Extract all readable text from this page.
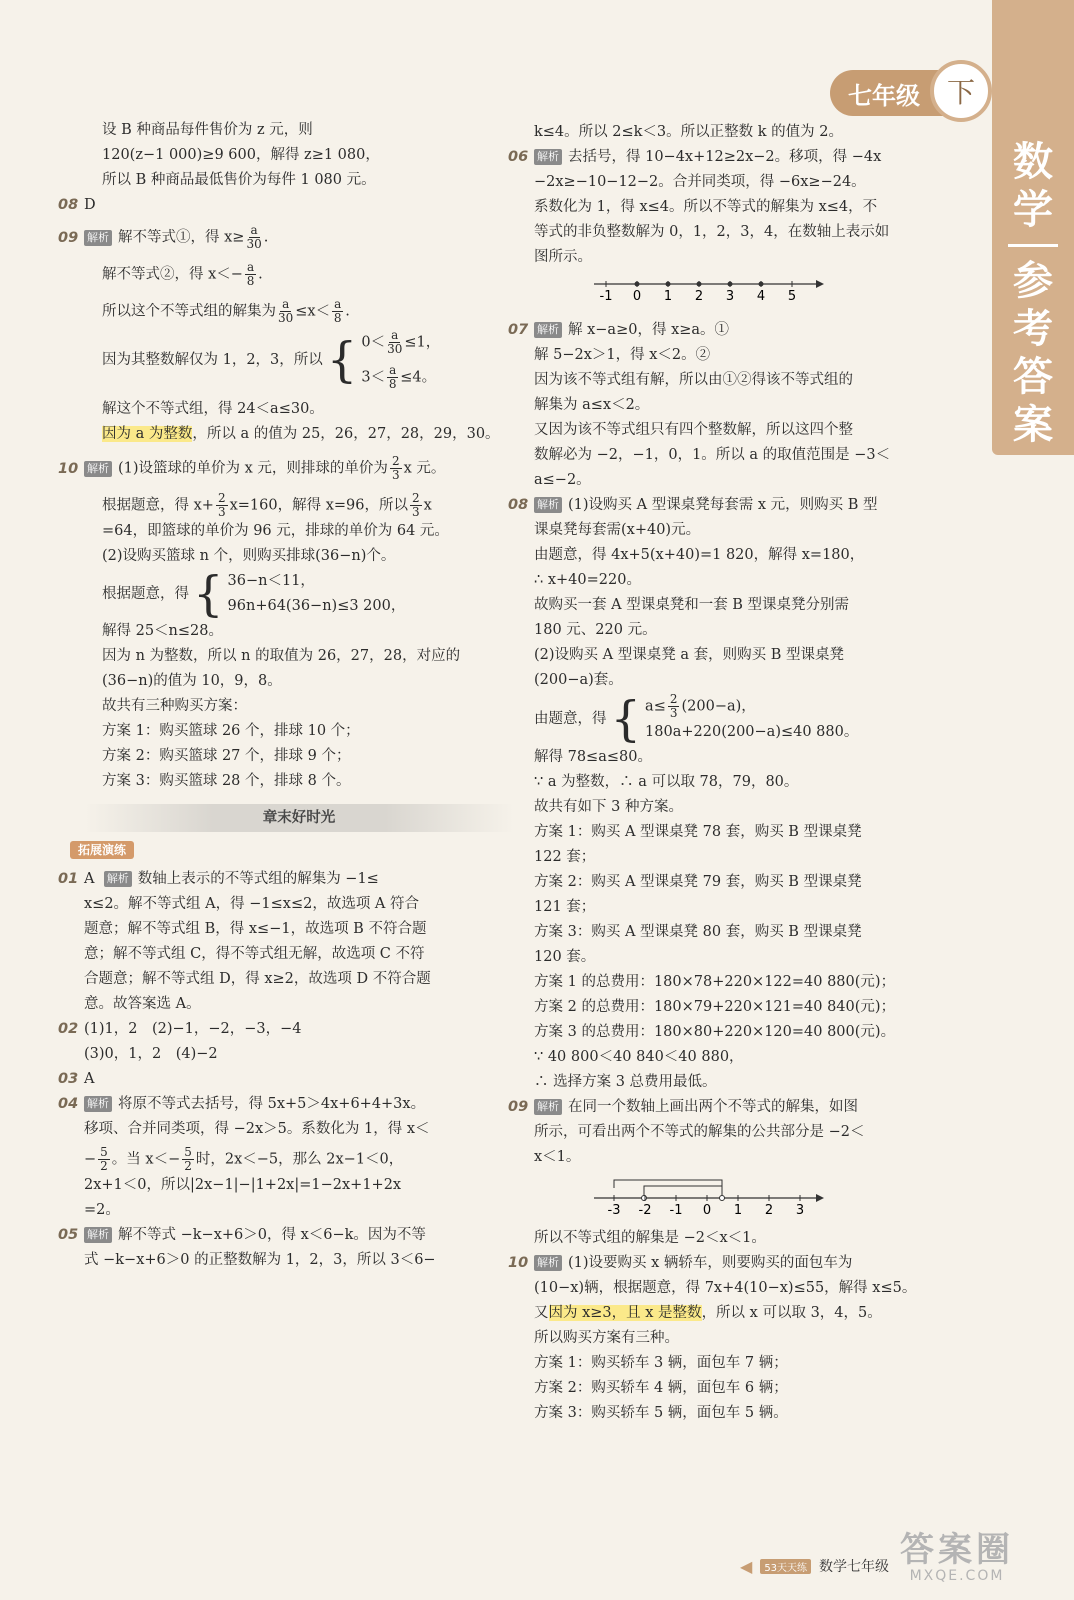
数
学
参
考
答
案
七年级 下
设 B 种商品每件售价为 z 元，则
120(z−1 000)≥9 600，解得 z≥1 080，
所以 B 种商品最低售价为每件 1 080 元。
08 D
09 解析 解不等式①，得 $x\ge \frac{a}{30}$ .
解不等式②，得 $x<- \frac{a}{8}$ .
所以这个不等式组的解集为 $\frac{a}{30} \le x< \frac{a}{8}$ .
因为其整数解仅为 1，2，3，所以 { $0< \frac{a}{30} \le 1$，
$3< \frac{a}{8} \le 4$。
解这个不等式组，得 24＜a≤30。
因为 a 为整数，所以 a 的值为 25，26，27，28，29，30。
10 解析 (1)设篮球的单价为 x 元，则排球的单价为 $\frac{2}{3}$ x 元。
根据题意，得 $x+ \frac{2}{3} x=160$，解得 x=96，所以 $\frac{2}{3}$ x
=64，即篮球的单价为 96 元，排球的单价为 64 元。
(2)设购买篮球 n 个，则购买排球(36−n)个。
根据题意，得 { 36−n＜11，
96n+64(36−n)≤3 200，
解得 25＜n≤28。
因为 n 为整数，所以 n 的取值为 26，27，28，对应的
(36−n)的值为 10，9，8。
故共有三种购买方案：
方案 1：购买篮球 26 个，排球 10 个；
方案 2：购买篮球 27 个，排球 9 个；
方案 3：购买篮球 28 个，排球 8 个。
章末好时光
拓展演练
01 A 解析 数轴上表示的不等式组的解集为 −1≤
x≤2。解不等式组 A，得 −1≤x≤2，故选项 A 符合
题意；解不等式组 B，得 x≤−1，故选项 B 不符合题
意；解不等式组 C，得不等式组无解，故选项 C 不符
合题意；解不等式组 D，得 x≥2，故选项 D 不符合题
意。故答案选 A。
02 (1)1，2　(2)−1，−2，−3，−4
(3)0，1，2　(4)−2
03 A
04 解析 将原不等式去括号，得 5x+5＞4x+6+4+3x。
移项、合并同类项，得 −2x＞5。系数化为 1，得 x＜
− $\frac{5}{2}$ 。当 $x<- \frac{5}{2}$ 时，2x＜−5，那么 2x−1＜0，
2x+1＜0，所以|2x−1|−|1+2x|=1−2x+1+2x
=2。
05 解析 解不等式 −k−x+6＞0，得 x＜6−k。因为不等
式 −k−x+6＞0 的正整数解为 1，2，3，所以 3＜6−
k≤4。所以 2≤k＜3。所以正整数 k 的值为 2。
06 解析 去括号，得 10−4x+12≥2x−2。移项，得 −4x
−2x≥−10−12−2。合并同类项，得 −6x≥−24。
系数化为 1，得 x≤4。所以不等式的解集为 x≤4，不
等式的非负整数解为 0，1，2，3，4，在数轴上表示如
图所示。
-1 0 1 2 3 4 5
07 解析 解 x−a≥0，得 x≥a。①
解 5−2x＞1，得 x＜2。②
因为该不等式组有解，所以由①②得该不等式组的
解集为 a≤x＜2。
又因为该不等式组只有四个整数解，所以这四个整
数解必为 −2，−1，0，1。所以 a 的取值范围是 −3＜
a≤−2。
08 解析 (1)设购买 A 型课桌凳每套需 x 元，则购买 B 型
课桌凳每套需(x+40)元。
由题意，得 4x+5(x+40)=1 820，解得 x=180，
∴ x+40=220。
故购买一套 A 型课桌凳和一套 B 型课桌凳分别需
180 元、220 元。
(2)设购买 A 型课桌凳 a 套，则购买 B 型课桌凳
(200−a)套。
由题意，得 { $a\le \frac{2}{3} (200-a)$，
180a+220(200−a)≤40 880。
解得 78≤a≤80。
∵ a 为整数，∴ a 可以取 78，79，80。
故共有如下 3 种方案。
方案 1：购买 A 型课桌凳 78 套，购买 B 型课桌凳
122 套；
方案 2：购买 A 型课桌凳 79 套，购买 B 型课桌凳
121 套；
方案 3：购买 A 型课桌凳 80 套，购买 B 型课桌凳
120 套。
方案 1 的总费用：180×78+220×122=40 880(元)；
方案 2 的总费用：180×79+220×121=40 840(元)；
方案 3 的总费用：180×80+220×120=40 800(元)。
∵ 40 800＜40 840＜40 880，
∴ 选择方案 3 总费用最低。
09 解析 在同一个数轴上画出两个不等式的解集，如图
所示，可看出两个不等式的解集的公共部分是 −2＜
x＜1。
-3 -2 -1 0 1 2 3
所以不等式组的解集是 −2＜x＜1。
10 解析 (1)设要购买 x 辆轿车，则要购买的面包车为
(10−x)辆，根据题意，得 7x+4(10−x)≤55，解得 x≤5。
又因为 x≥3，且 x 是整数，所以 x 可以取 3，4，5。
所以购买方案有三种。
方案 1：购买轿车 3 辆，面包车 7 辆；
方案 2：购买轿车 4 辆，面包车 6 辆；
方案 3：购买轿车 5 辆，面包车 5 辆。
◀	53天天练 数学七年级 答案圈
MXQE.COM
